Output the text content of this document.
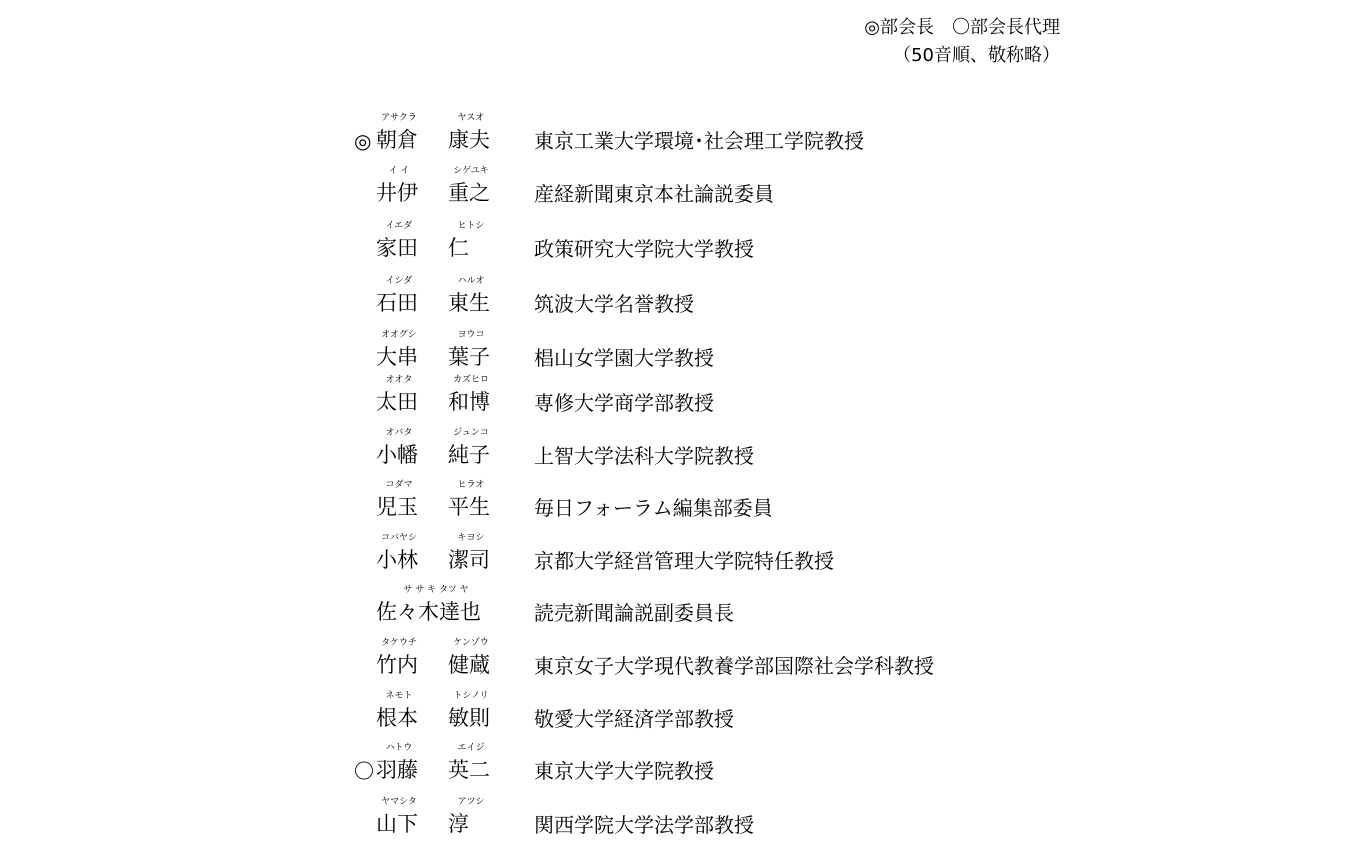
◎部会長　〇部会長代理
（50音順、敬称略）
◎
アサクラ	ヤスオ
朝倉 康夫 東京工業大学環境･社会理工学院教授
イ イ	シゲユキ
井伊 重之 産経新聞東京本社論説委員
イエダ	ヒトシ
家田 仁	政策研究大学院大学教授
イシダ	ハルオ
石田 東生 筑波大学名誉教授
オオグシ	ヨウコ
大串 葉子 椙山女学園大学教授
オオタ	カズヒロ
太田 和博 専修大学商学部教授
オバタ	ジュンコ
小幡 純子 上智大学法科大学院教授
コダマ	ヒラオ
児玉 平生 毎日フォーラム編集部委員
コバヤシ	キヨシ
小林 潔司 京都大学経営管理大学院特任教授
サ サ キ タツ ヤ
佐々木達也	読売新聞論説副委員長
タケウチ	ケンゾウ
竹内 健蔵 東京女子大学現代教養学部国際社会学科教授
ネモト	トシノリ
根本 敏則 敬愛大学経済学部教授
〇
ハトウ	エイジ
羽藤 英二 東京大学大学院教授
ヤマシタ	アツシ
山下 淳	関西学院大学法学部教授
